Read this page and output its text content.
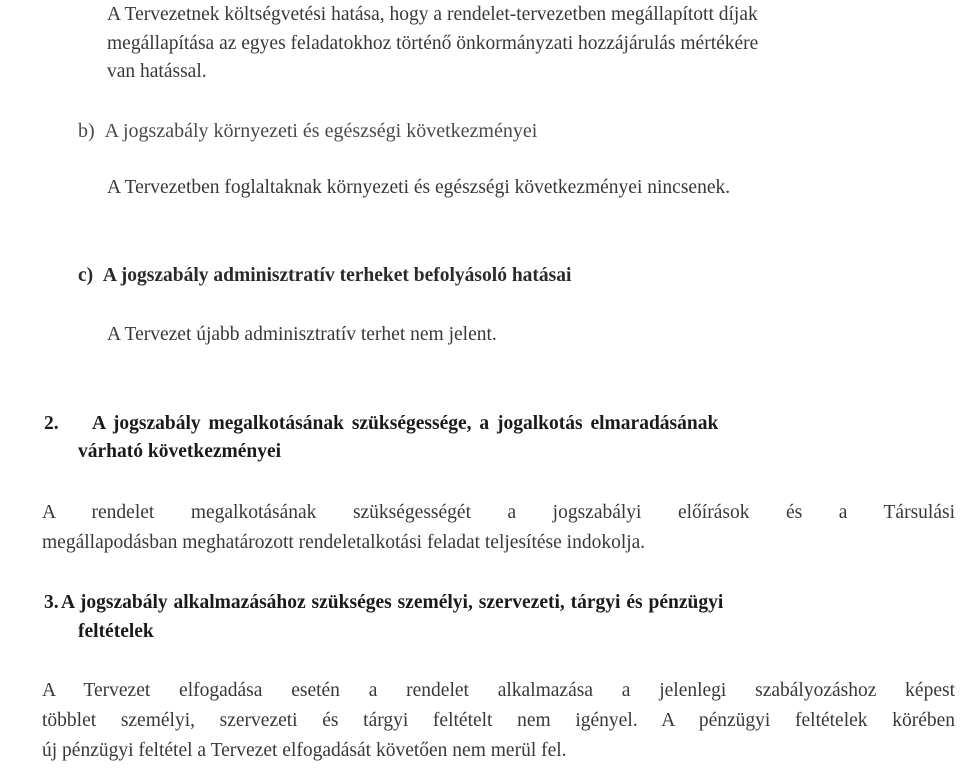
A Tervezetnek költségvetési hatása, hogy a rendelet-tervezetben megállapított díjak
megállapítása az egyes feladatokhoz történő önkormányzati hozzájárulás mértékére
van hatással.
b)  A jogszabály környezeti és egészségi következményei
A Tervezetben foglaltaknak környezeti és egészségi következményei nincsenek.
c)  A jogszabály adminisztratív terheket befolyásoló hatásai
A Tervezet újabb adminisztratív terhet nem jelent.
2. A jogszabály megalkotásának szükségessége, a jogalkotás elmaradásának
várható következményei
A rendelet megalkotásának szükségességét a jogszabályi előírások és a Társulási
megállapodásban meghatározott rendeletalkotási feladat teljesítése indokolja.
3. A jogszabály alkalmazásához szükséges személyi, szervezeti, tárgyi és pénzügyi
feltételek
A Tervezet elfogadása esetén a rendelet alkalmazása a jelenlegi szabályozáshoz képest
többlet személyi, szervezeti és tárgyi feltételt nem igényel. A pénzügyi feltételek körében
új pénzügyi feltétel a Tervezet elfogadását követően nem merül fel.
